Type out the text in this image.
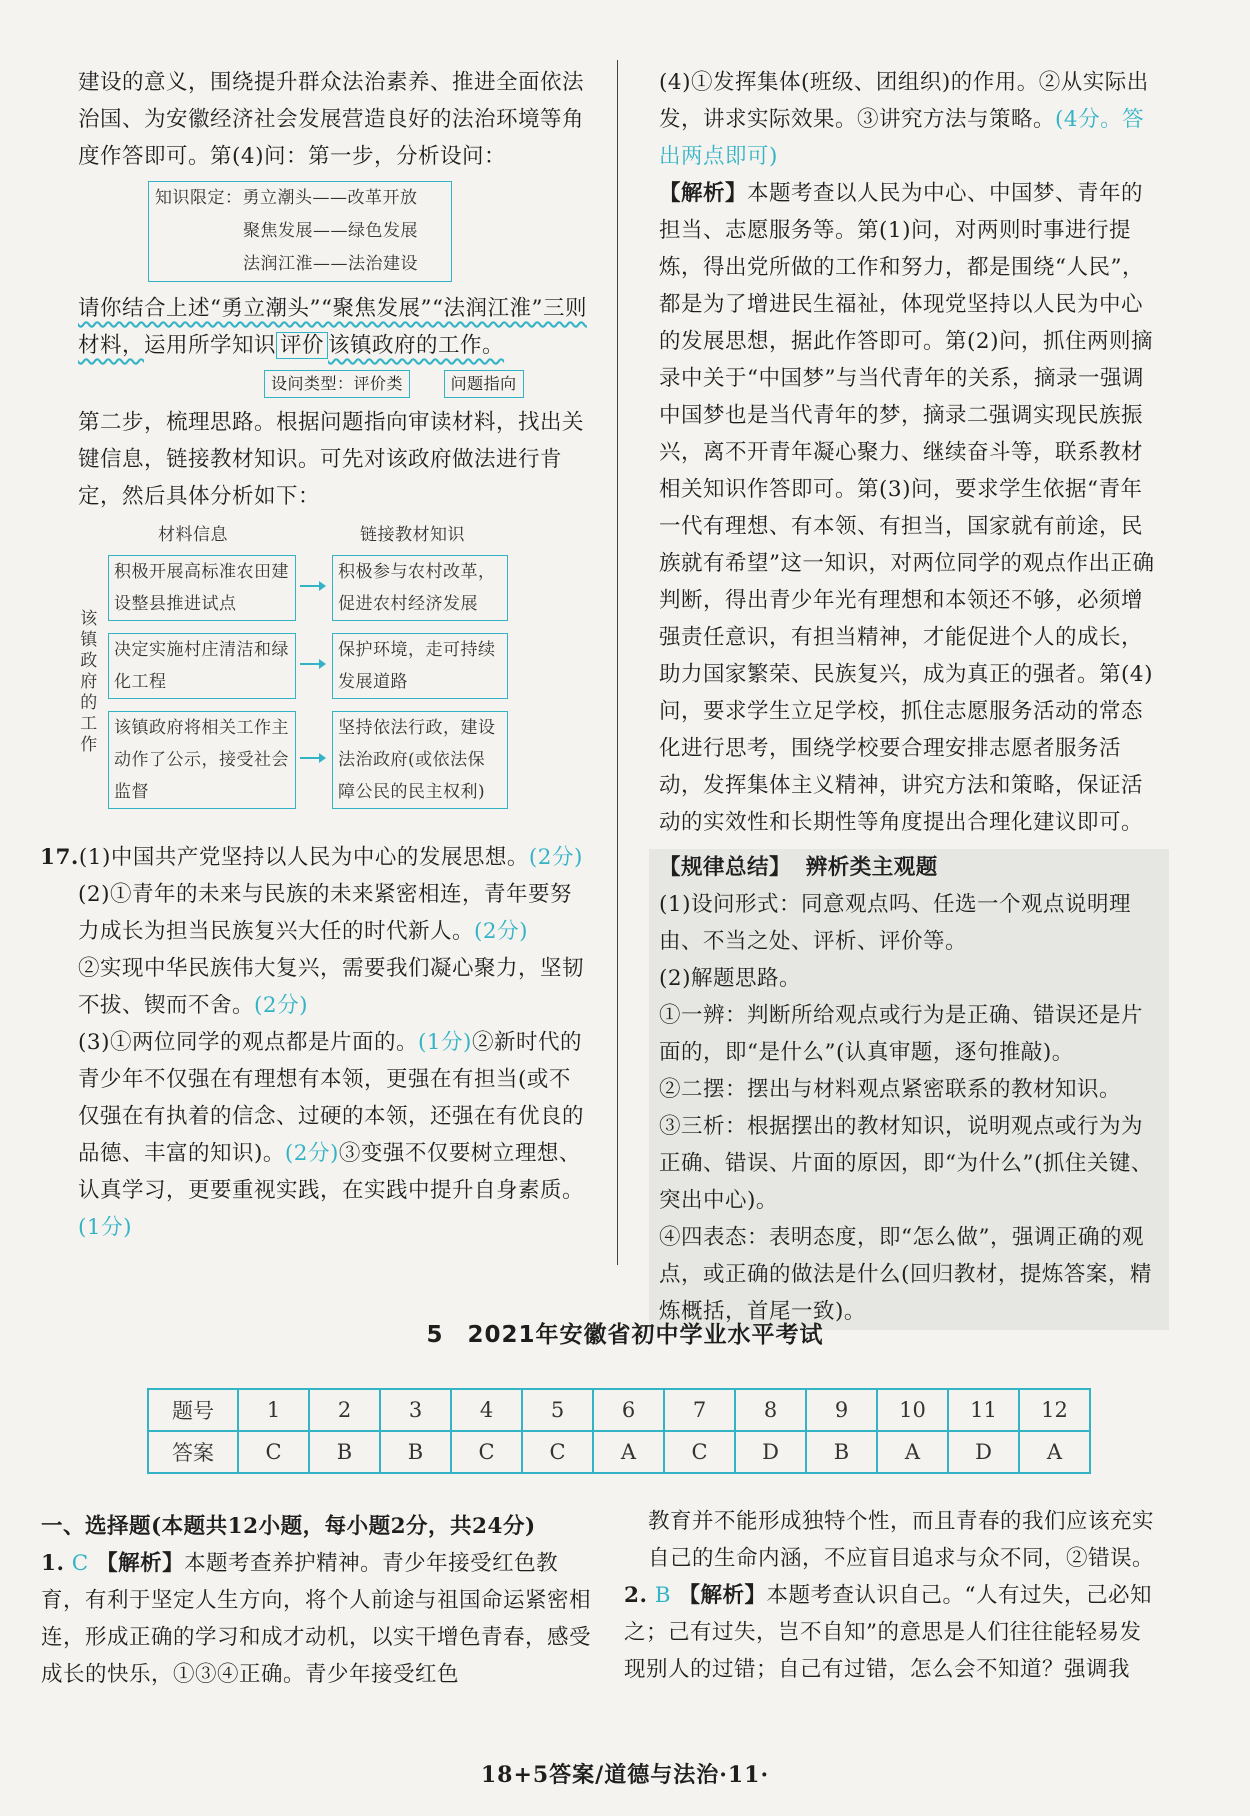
建设的意义，围绕提升群众法治素养、推进全面依法治国、为安徽经济社会发展营造良好的法治环境等角度作答即可。第(4)问：第一步，分析设问：

知识限定：勇立潮头——改革开放
聚焦发展——绿色发展
法润江淮——法治建设

请你结合上述“勇立潮头”“聚焦发展”“法润江淮”三则材料，运用所学知识 评价 该镇政府的工作。

设问类型：评价类	问题指向

第二步，梳理思路。根据问题指向审读材料，找出关键信息，链接教材知识。可先对该政府做法进行肯定，然后具体分析如下：

材料信息	链接教材知识
该镇政府的工作
积极开展高标准农田建设整县推进试点
积极参与农村改革，促进农村经济发展
决定实施村庄清洁和绿化工程
保护环境，走可持续发展道路
该镇政府将相关工作主动作了公示，接受社会监督
坚持依法行政，建设法治政府(或依法保障公民的民主权利)

17.(1)中国共产党坚持以人民为中心的发展思想。(2分)

(2)①青年的未来与民族的未来紧密相连，青年要努力成长为担当民族复兴大任的时代新人。(2分)

②实现中华民族伟大复兴，需要我们凝心聚力，坚韧不拔、锲而不舍。(2分)

(3)①两位同学的观点都是片面的。(1分)②新时代的青少年不仅强在有理想有本领，更强在有担当(或不仅强在有执着的信念、过硬的本领，还强在有优良的品德、丰富的知识)。(2分)③变强不仅要树立理想、认真学习，更要重视实践，在实践中提升自身素质。(1分)

(4)①发挥集体(班级、团组织)的作用。②从实际出发，讲求实际效果。③讲究方法与策略。(4分。答出两点即可)

【解析】本题考查以人民为中心、中国梦、青年的担当、志愿服务等。第(1)问，对两则时事进行提炼，得出党所做的工作和努力，都是围绕“人民”，都是为了增进民生福祉，体现党坚持以人民为中心的发展思想，据此作答即可。第(2)问，抓住两则摘录中关于“中国梦”与当代青年的关系，摘录一强调中国梦也是当代青年的梦，摘录二强调实现民族振兴，离不开青年凝心聚力、继续奋斗等，联系教材相关知识作答即可。第(3)问，要求学生依据“青年一代有理想、有本领、有担当，国家就有前途，民族就有希望”这一知识，对两位同学的观点作出正确判断，得出青少年光有理想和本领还不够，必须增强责任意识，有担当精神，才能促进个人的成长，助力国家繁荣、民族复兴，成为真正的强者。第(4)问，要求学生立足学校，抓住志愿服务活动的常态化进行思考，围绕学校要合理安排志愿者服务活动，发挥集体主义精神，讲究方法和策略，保证活动的实效性和长期性等角度提出合理化建议即可。

【规律总结】 辨析类主观题

(1)设问形式：同意观点吗、任选一个观点说明理由、不当之处、评析、评价等。

(2)解题思路。

①一辨：判断所给观点或行为是正确、错误还是片面的，即“是什么”(认真审题，逐句推敲)。

②二摆：摆出与材料观点紧密联系的教材知识。

③三析：根据摆出的教材知识，说明观点或行为为正确、错误、片面的原因，即“为什么”(抓住关键、突出中心)。

④四表态：表明态度，即“怎么做”，强调正确的观点，或正确的做法是什么(回归教材，提炼答案，精炼概括，首尾一致)。

5　2021年安徽省初中学业水平考试
题号	1	2	3	4	5	6	7	8	9	10	11	12
答案	C	B	B	C	C	A	C	D	B	A	D	A

一、选择题(本题共12小题，每小题2分，共24分)

1. C 【解析】本题考查养护精神。青少年接受红色教育，有利于坚定人生方向，将个人前途与祖国命运紧密相连，形成正确的学习和成才动机，以实干增色青春，感受成长的快乐，①③④正确。青少年接受红色

教育并不能形成独特个性，而且青春的我们应该充实自己的生命内涵，不应盲目追求与众不同，②错误。

2. B 【解析】本题考查认识自己。“人有过失，己必知之；己有过失，岂不自知”的意思是人们往往能轻易发现别人的过错；自己有过错，怎么会不知道？强调我

18+5答案/道德与法治·11·
